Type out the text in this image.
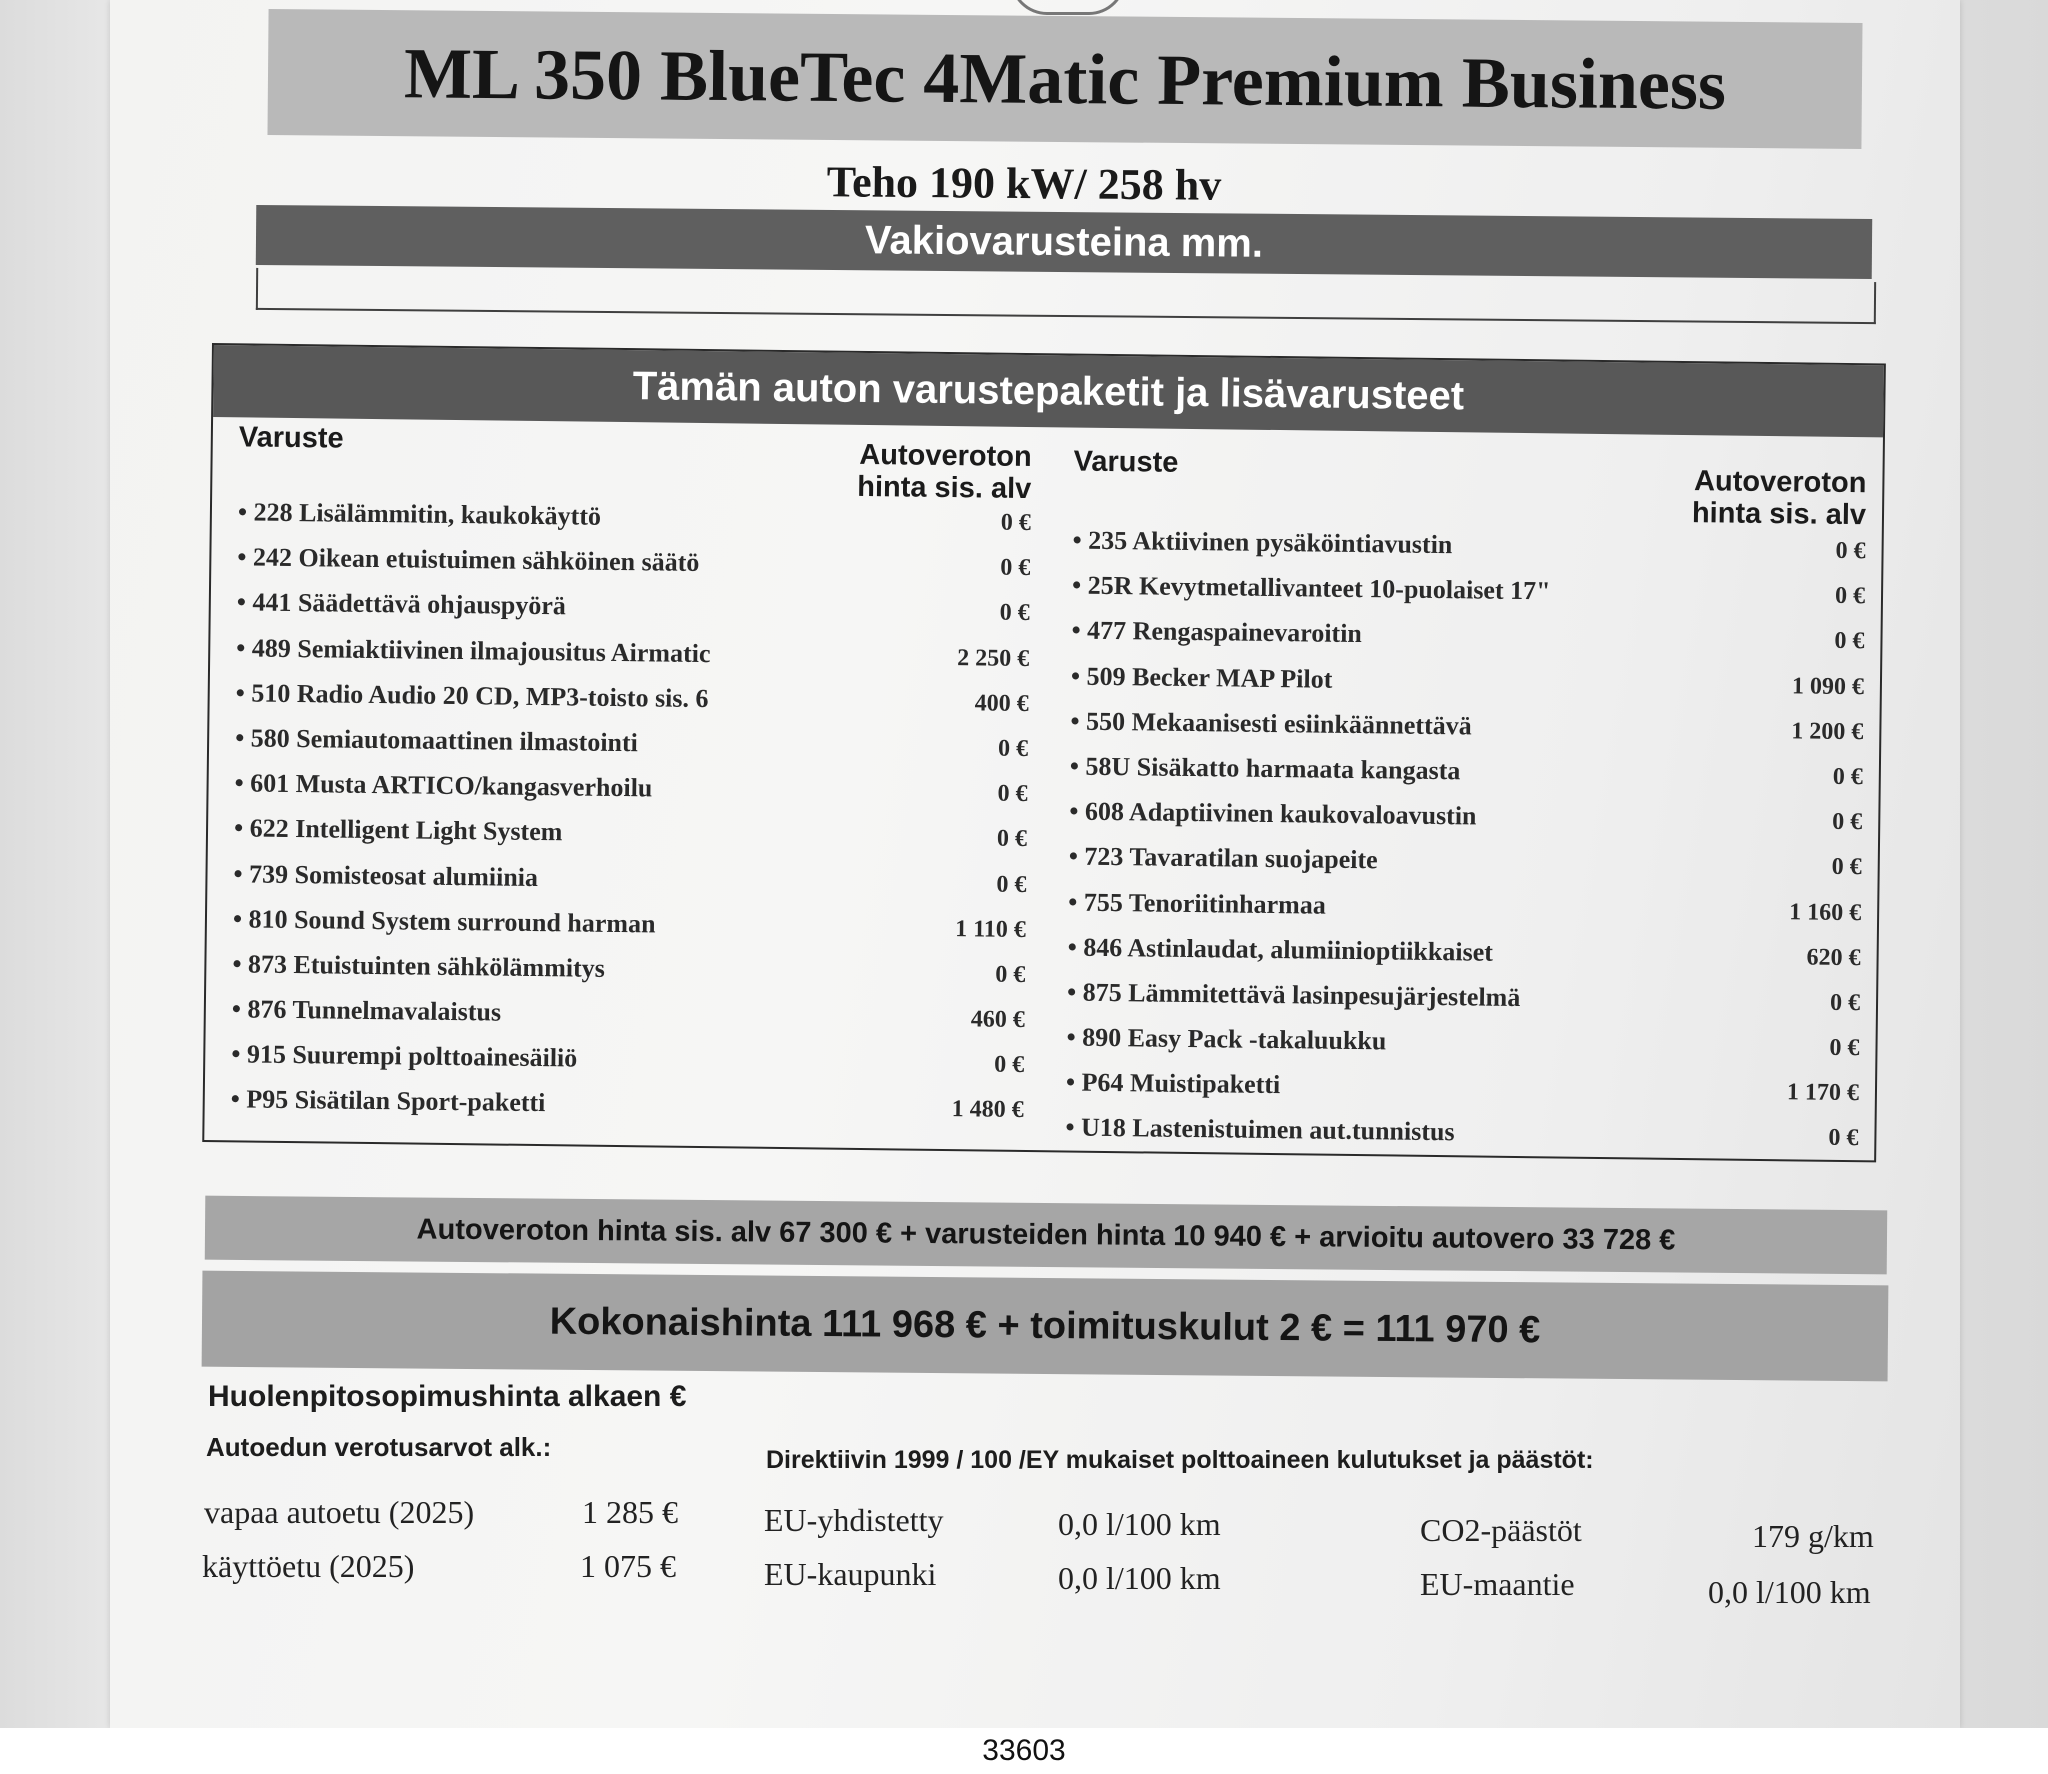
ML 350 BlueTec 4Matic Premium Business
Teho 190 kW/ 258 hv
Vakiovarusteina mm.
Tämän auton varustepaketit ja lisävarusteet
Varuste
Autoveroton
hinta sis. alv
• 228 Lisälämmitin, kaukokäyttö	0 €
• 242 Oikean etuistuimen sähköinen säätö	0 €
• 441 Säädettävä ohjauspyörä	0 €
• 489 Semiaktiivinen ilmajousitus Airmatic	2 250 €
• 510 Radio Audio 20 CD, MP3-toisto sis. 6	400 €
• 580 Semiautomaattinen ilmastointi	0 €
• 601 Musta ARTICO/kangasverhoilu	0 €
• 622 Intelligent Light System	0 €
• 739 Somisteosat alumiinia	0 €
• 810 Sound System surround harman	1 110 €
• 873 Etuistuinten sähkölämmitys	0 €
• 876 Tunnelmavalaistus	460 €
• 915 Suurempi polttoainesäiliö	0 €
• P95 Sisätilan Sport-paketti	1 480 €
Varuste
Autoveroton
hinta sis. alv
• 235 Aktiivinen pysäköintiavustin	0 €
• 25R Kevytmetallivanteet 10-puolaiset 17"	0 €
• 477 Rengaspainevaroitin	0 €
• 509 Becker MAP Pilot	1 090 €
• 550 Mekaanisesti esiinkäännettävä	1 200 €
• 58U Sisäkatto harmaata kangasta	0 €
• 608 Adaptiivinen kaukovaloavustin	0 €
• 723 Tavaratilan suojapeite	0 €
• 755 Tenoriitinharmaa	1 160 €
• 846 Astinlaudat, alumiinioptiikkaiset	620 €
• 875 Lämmitettävä lasinpesujärjestelmä	0 €
• 890 Easy Pack -takaluukku	0 €
• P64 Muistipaketti	1 170 €
• U18 Lastenistuimen aut.tunnistus	0 €
Autoveroton hinta sis. alv 67 300 € + varusteiden hinta 10 940 € + arvioitu autovero 33 728 €
Kokonaishinta 111 968 € + toimituskulut 2 € = 111 970 €
Huolenpitosopimushinta alkaen €
Autoedun verotusarvot alk.:	Direktiivin 1999 / 100 /EY mukaiset polttoaineen kulutukset ja päästöt:
vapaa autoetu (2025)	1 285 €
käyttöetu (2025)	1 075 €
EU-yhdistetty	0,0 l/100 km
EU-kaupunki	0,0 l/100 km
CO2-päästöt	179 g/km
EU-maantie	0,0 l/100 km
33603
